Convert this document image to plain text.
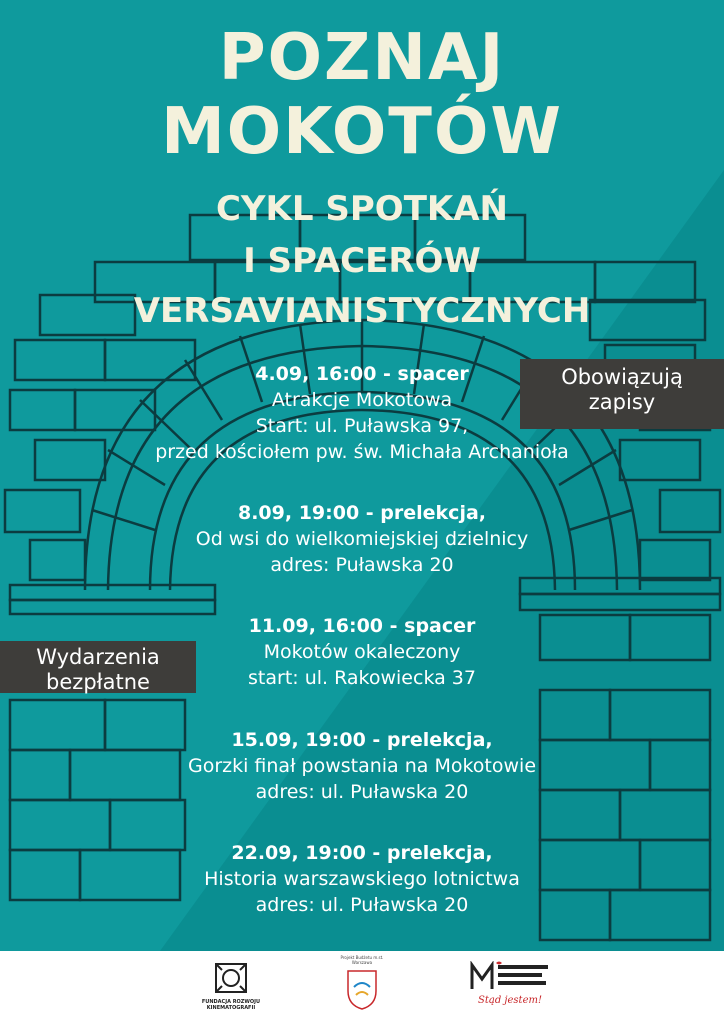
POZNAJ

MOKOTÓW

CYKL SPOTKAŃ

I SPACERÓW

VERSAVIANISTYCZNYCH

4.09, 16:00 - spacer
Atrakcje Mokotowa
Start: ul. Puławska 97,
przed kościołem pw. św. Michała Archanioła
8.09, 19:00 - prelekcja,
Od wsi do wielkomiejskiej dzielnicy
adres: Puławska 20
11.09, 16:00 - spacer
Mokotów okaleczony
start: ul. Rakowiecka 37
15.09, 19:00 - prelekcja,
Gorzki finał powstania na Mokotowie
adres: ul. Puławska 20
22.09, 19:00 - prelekcja,
Historia warszawskiego lotnictwa
adres: ul. Puławska 20
Obowiązują
zapisy
Wydarzenia
bezpłatne
FUNDACJA ROZWOJU
KINEMATOGRAFII
Projekt Budżetu m.st. Warszawa
Stąd jestem!
